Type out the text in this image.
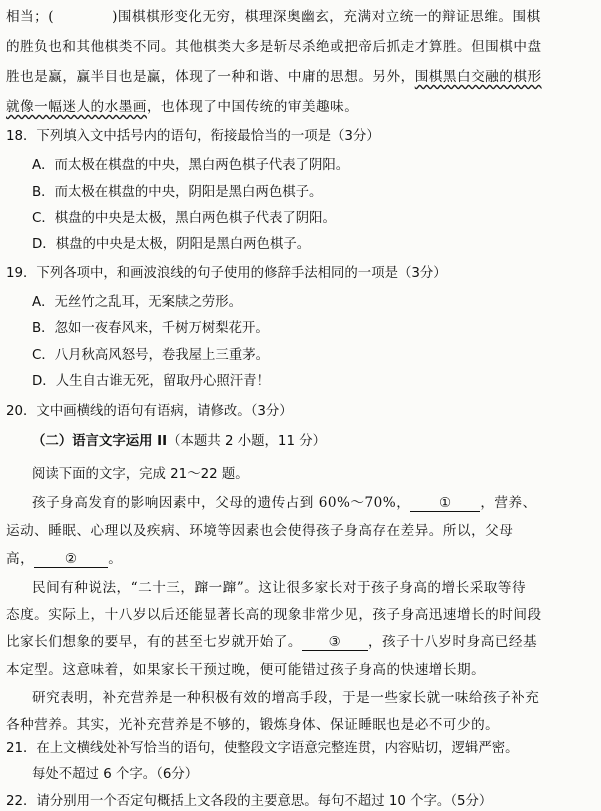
相当；(	)围棋棋形变化无穷，棋理深奥幽玄，充满对立统一的辩证思维。围棋
的胜负也和其他棋类不同。其他棋类大多是斩尽杀绝或把帝后抓走才算胜。但围棋中盘
胜也是赢，赢半目也是赢，体现了一种和谐、中庸的思想。另外，围棋黑白交融的棋形
就像一幅迷人的水墨画，也体现了中国传统的审美趣味。
18．下列填入文中括号内的语句，衔接最恰当的一项是（3分）
A．而太极在棋盘的中央，黑白两色棋子代表了阴阳。
B．而太极在棋盘的中央，阴阳是黑白两色棋子。
C．棋盘的中央是太极，黑白两色棋子代表了阴阳。
D．棋盘的中央是太极，阴阳是黑白两色棋子。
19．下列各项中，和画波浪线的句子使用的修辞手法相同的一项是（3分）
A．无丝竹之乱耳，无案牍之劳形。
B．忽如一夜春风来，千树万树梨花开。
C．八月秋高风怒号，卷我屋上三重茅。
D．人生自古谁无死，留取丹心照汗青！
20．文中画横线的语句有语病，请修改。（3分）
（二）语言文字运用 II（本题共 2 小题，11 分）
阅读下面的文字，完成 21～22 题。
孩子身高发育的影响因素中，父母的遗传占到 60%～70%， ① ，营养、
运动、睡眠、心理以及疾病、环境等因素也会使得孩子身高存在差异。所以，父母
高， ② 。
民间有种说法，“二十三，蹿一蹿”。这让很多家长对于孩子身高的增长采取等待
态度。实际上，十八岁以后还能显著长高的现象非常少见，孩子身高迅速增长的时间段
比家长们想象的要早，有的甚至七岁就开始了。 ③ ，孩子十八岁时身高已经基
本定型。这意味着，如果家长干预过晚，便可能错过孩子身高的快速增长期。
研究表明，补充营养是一种积极有效的增高手段，于是一些家长就一味给孩子补充
各种营养。其实，光补充营养是不够的，锻炼身体、保证睡眠也是必不可少的。
21．在上文横线处补写恰当的语句，使整段文字语意完整连贯，内容贴切，逻辑严密。
每处不超过 6 个字。（6分）
22．请分别用一个否定句概括上文各段的主要意思。每句不超过 10 个字。（5分）
